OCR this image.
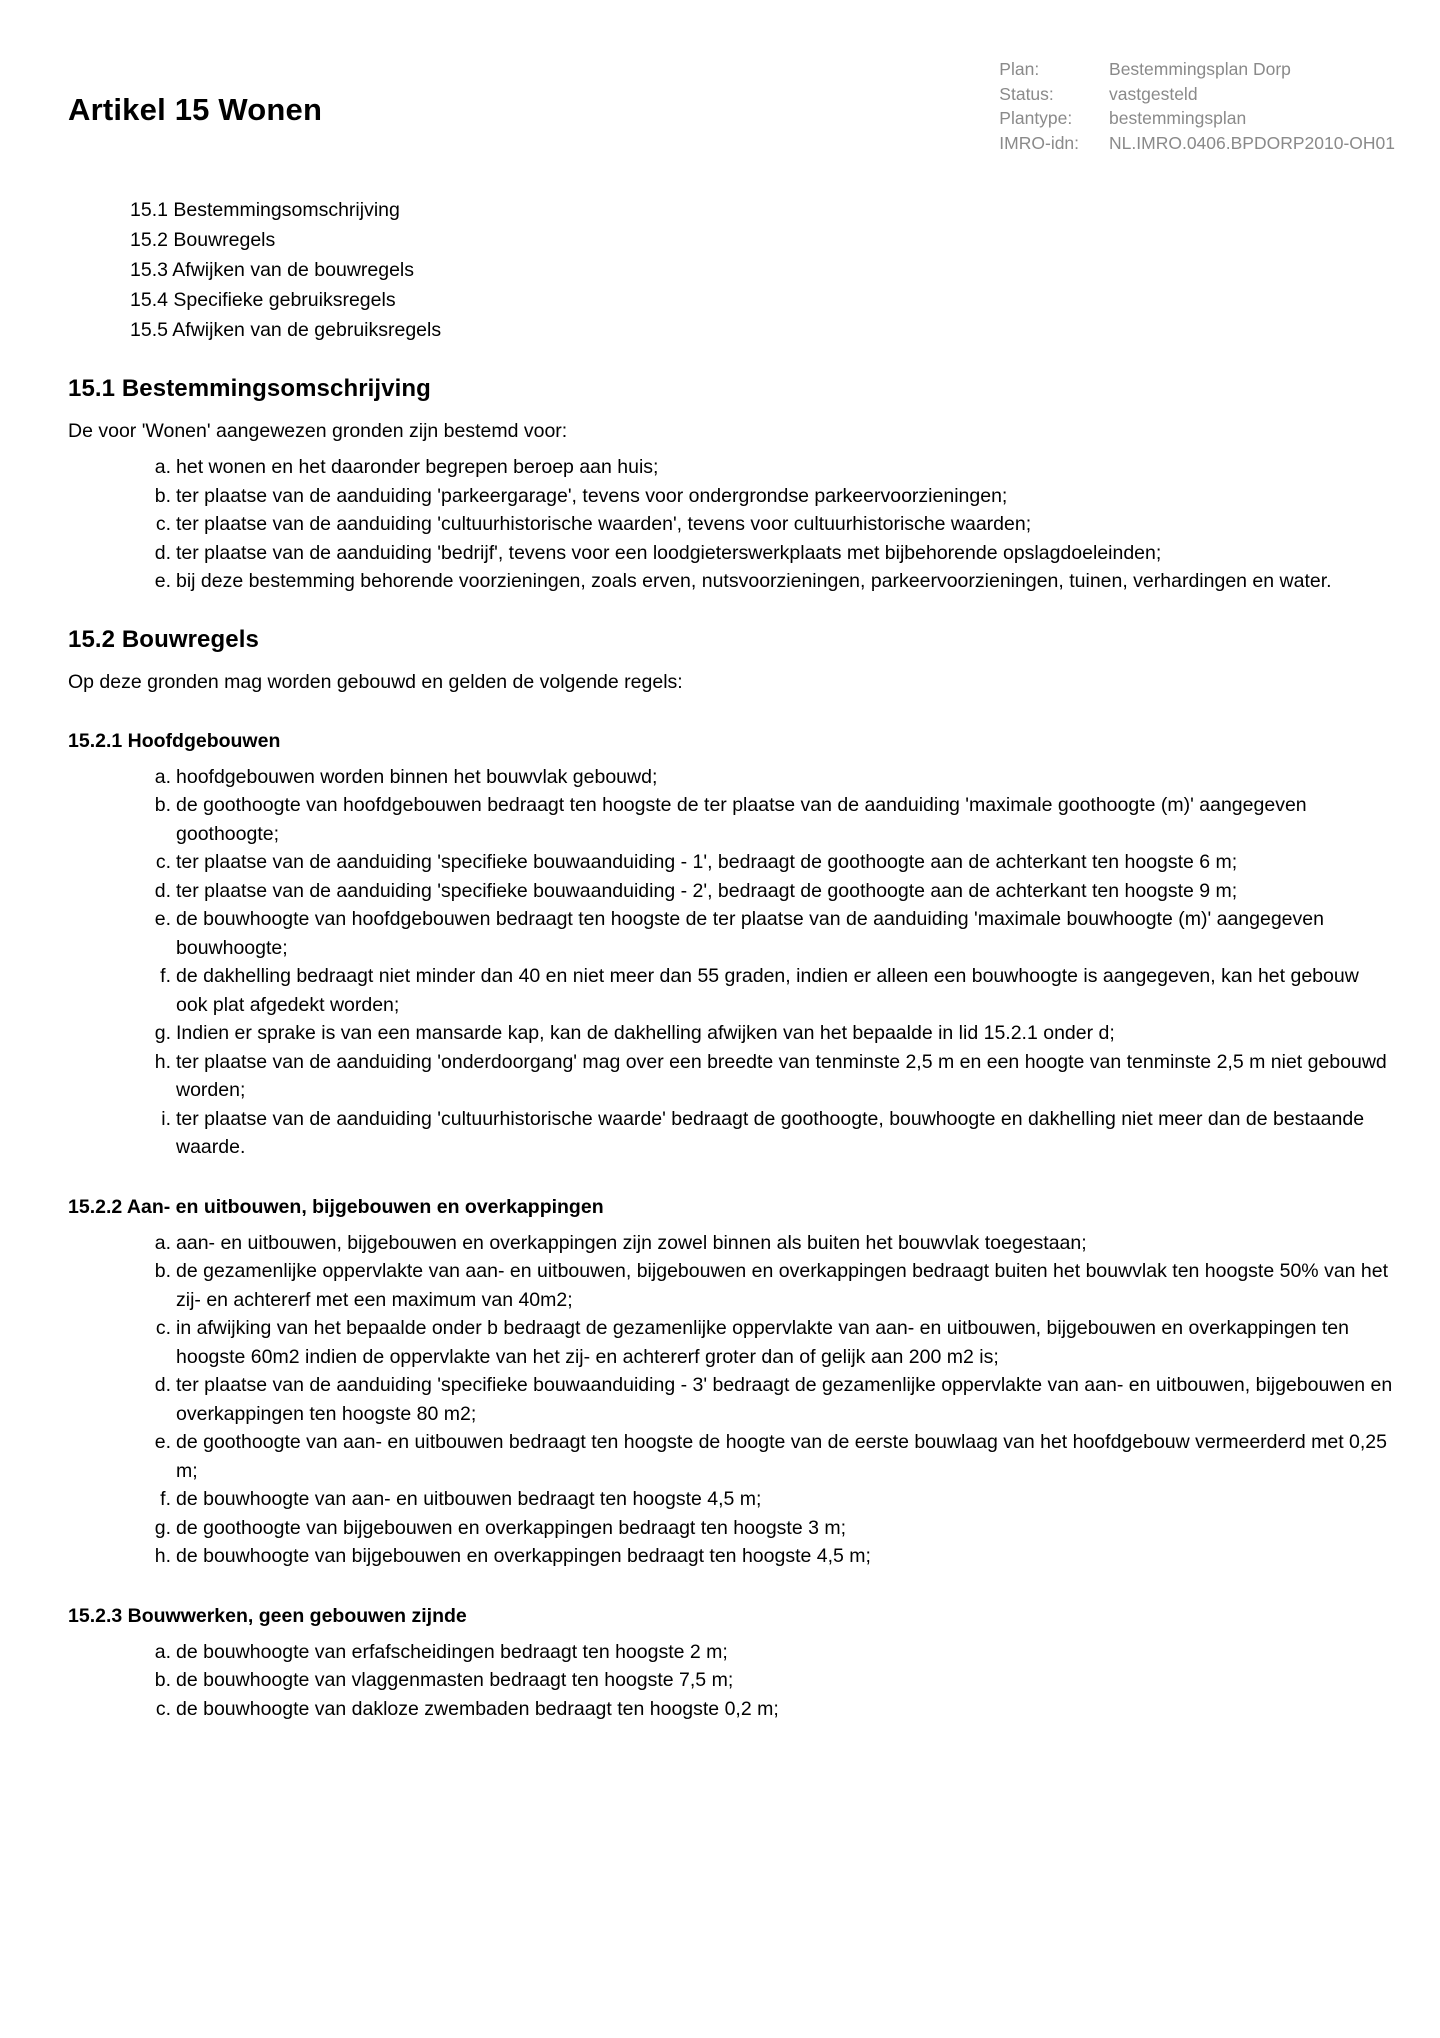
Artikel 15 Wonen
Plan:	Bestemmingsplan Dorp
Status:	vastgesteld
Plantype:	bestemmingsplan
IMRO-idn:	NL.IMRO.0406.BPDORP2010-OH01
15.1 Bestemmingsomschrijving
15.2 Bouwregels
15.3 Afwijken van de bouwregels
15.4 Specifieke gebruiksregels
15.5 Afwijken van de gebruiksregels
15.1 Bestemmingsomschrijving

De voor 'Wonen' aangewezen gronden zijn bestemd voor:

het wonen en het daaronder begrepen beroep aan huis;
ter plaatse van de aanduiding 'parkeergarage', tevens voor ondergrondse parkeervoorzieningen;
ter plaatse van de aanduiding 'cultuurhistorische waarden', tevens voor cultuurhistorische waarden;
ter plaatse van de aanduiding 'bedrijf', tevens voor een loodgieterswerkplaats met bijbehorende opslagdoeleinden;
bij deze bestemming behorende voorzieningen, zoals erven, nutsvoorzieningen, parkeervoorzieningen, tuinen, verhardingen en water.
15.2 Bouwregels

Op deze gronden mag worden gebouwd en gelden de volgende regels:

15.2.1 Hoofdgebouwen
hoofdgebouwen worden binnen het bouwvlak gebouwd;
de goothoogte van hoofdgebouwen bedraagt ten hoogste de ter plaatse van de aanduiding 'maximale goothoogte (m)' aangegeven goothoogte;
ter plaatse van de aanduiding 'specifieke bouwaanduiding - 1', bedraagt de goothoogte aan de achterkant ten hoogste 6 m;
ter plaatse van de aanduiding 'specifieke bouwaanduiding - 2', bedraagt de goothoogte aan de achterkant ten hoogste 9 m;
de bouwhoogte van hoofdgebouwen bedraagt ten hoogste de ter plaatse van de aanduiding 'maximale bouwhoogte (m)' aangegeven bouwhoogte;
de dakhelling bedraagt niet minder dan 40 en niet meer dan 55 graden, indien er alleen een bouwhoogte is aangegeven, kan het gebouw ook plat afgedekt worden;
Indien er sprake is van een mansarde kap, kan de dakhelling afwijken van het bepaalde in lid 15.2.1 onder d;
ter plaatse van de aanduiding 'onderdoorgang' mag over een breedte van tenminste 2,5 m en een hoogte van tenminste 2,5 m niet gebouwd worden;
ter plaatse van de aanduiding 'cultuurhistorische waarde' bedraagt de goothoogte, bouwhoogte en dakhelling niet meer dan de bestaande waarde.
15.2.2 Aan- en uitbouwen, bijgebouwen en overkappingen
aan- en uitbouwen, bijgebouwen en overkappingen zijn zowel binnen als buiten het bouwvlak toegestaan;
de gezamenlijke oppervlakte van aan- en uitbouwen, bijgebouwen en overkappingen bedraagt buiten het bouwvlak ten hoogste 50% van het zij- en achtererf met een maximum van 40m2;
in afwijking van het bepaalde onder b bedraagt de gezamenlijke oppervlakte van aan- en uitbouwen, bijgebouwen en overkappingen ten hoogste 60m2 indien de oppervlakte van het zij- en achtererf groter dan of gelijk aan 200 m2 is;
ter plaatse van de aanduiding 'specifieke bouwaanduiding - 3' bedraagt de gezamenlijke oppervlakte van aan- en uitbouwen, bijgebouwen en overkappingen ten hoogste 80 m2;
de goothoogte van aan- en uitbouwen bedraagt ten hoogste de hoogte van de eerste bouwlaag van het hoofdgebouw vermeerderd met 0,25 m;
de bouwhoogte van aan- en uitbouwen bedraagt ten hoogste 4,5 m;
de goothoogte van bijgebouwen en overkappingen bedraagt ten hoogste 3 m;
de bouwhoogte van bijgebouwen en overkappingen bedraagt ten hoogste 4,5 m;
15.2.3 Bouwwerken, geen gebouwen zijnde
de bouwhoogte van erfafscheidingen bedraagt ten hoogste 2 m;
de bouwhoogte van vlaggenmasten bedraagt ten hoogste 7,5 m;
de bouwhoogte van dakloze zwembaden bedraagt ten hoogste 0,2 m;
